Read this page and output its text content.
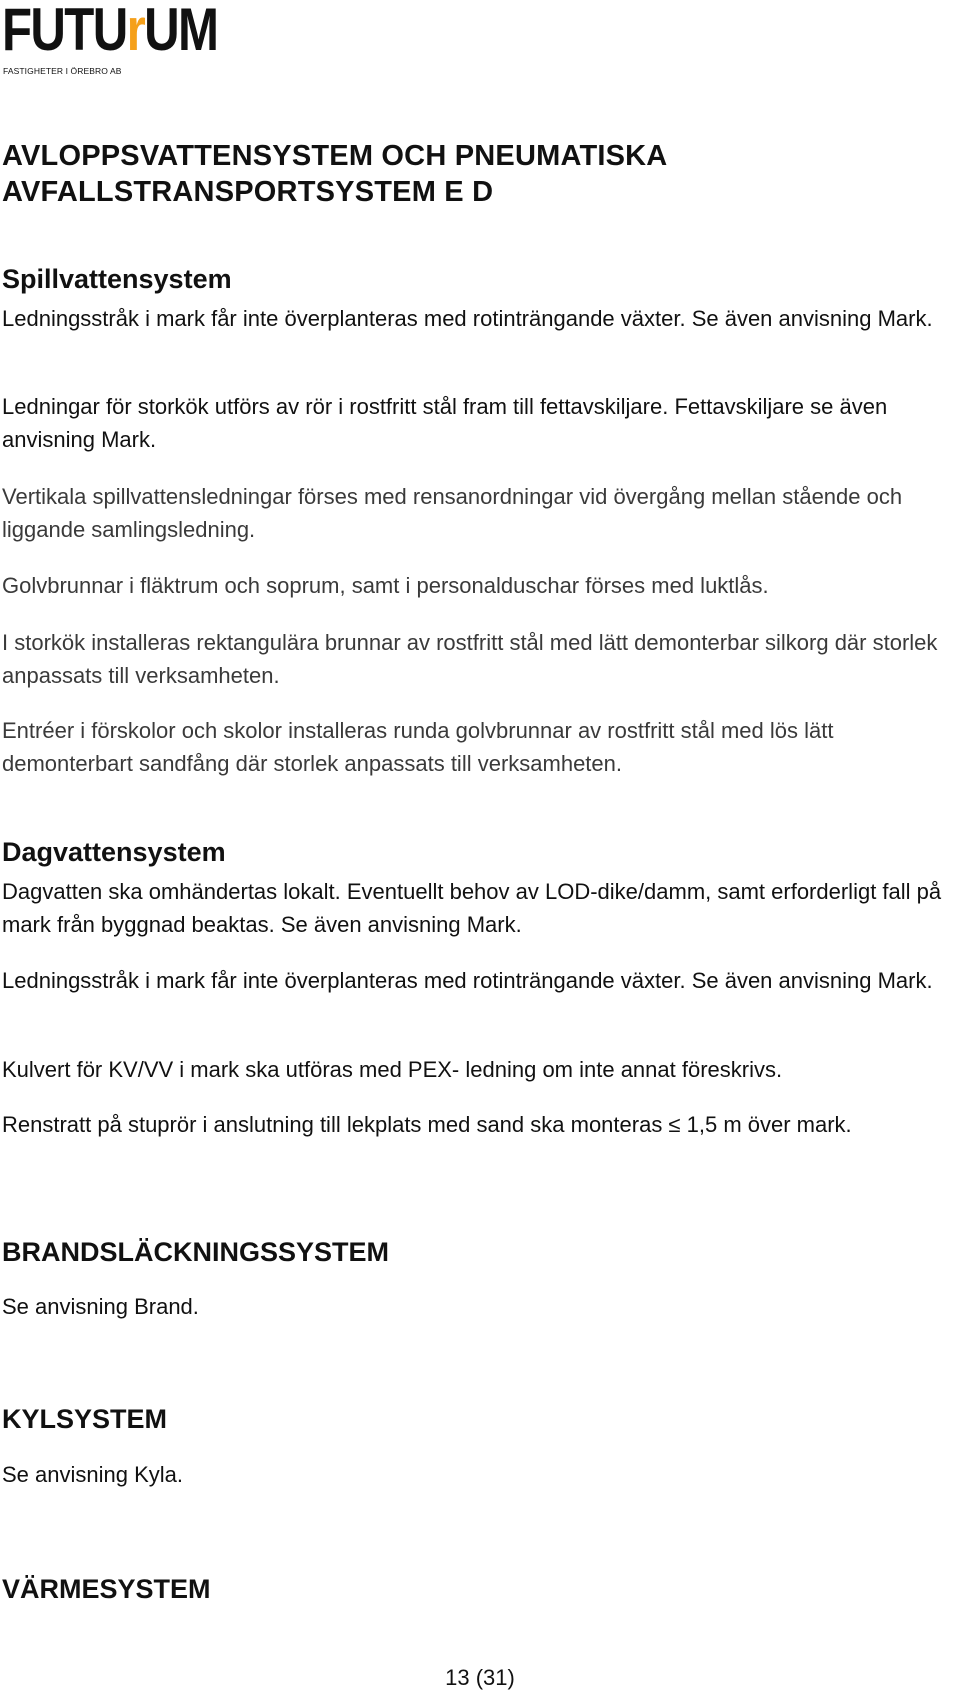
FUTUrUM
FASTIGHETER I ÖREBRO AB
AVLOPPSVATTENSYSTEM OCH PNEUMATISKA
AVFALLSTRANSPORTSYSTEM E D
Spillvattensystem

Ledningsstråk i mark får inte överplanteras med rotinträngande växter. Se även anvisning Mark.

Ledningar för storkök utförs av rör i rostfritt stål fram till fettavskiljare. Fettavskiljare se även anvisning Mark.

Vertikala spillvattensledningar förses med rensanordningar vid övergång mellan stående och liggande samlingsledning.

Golvbrunnar i fläktrum och soprum, samt i personalduschar förses med luktlås.

I storkök installeras rektangulära brunnar av rostfritt stål med lätt demonterbar silkorg där storlek anpassats till verksamheten.

Entréer i förskolor och skolor installeras runda golvbrunnar av rostfritt stål med lös lätt demonterbart sandfång där storlek anpassats till verksamheten.

Dagvattensystem

Dagvatten ska omhändertas lokalt. Eventuellt behov av LOD-dike/damm, samt erforderligt fall på mark från byggnad beaktas. Se även anvisning Mark.

Ledningsstråk i mark får inte överplanteras med rotinträngande växter. Se även anvisning Mark.

Kulvert för KV/VV i mark ska utföras med PEX- ledning om inte annat föreskrivs.

Renstratt på stuprör i anslutning till lekplats med sand ska monteras ≤ 1,5 m över mark.

BRANDSLÄCKNINGSSYSTEM

Se anvisning Brand.

KYLSYSTEM

Se anvisning Kyla.

VÄRMESYSTEM
13 (31)
